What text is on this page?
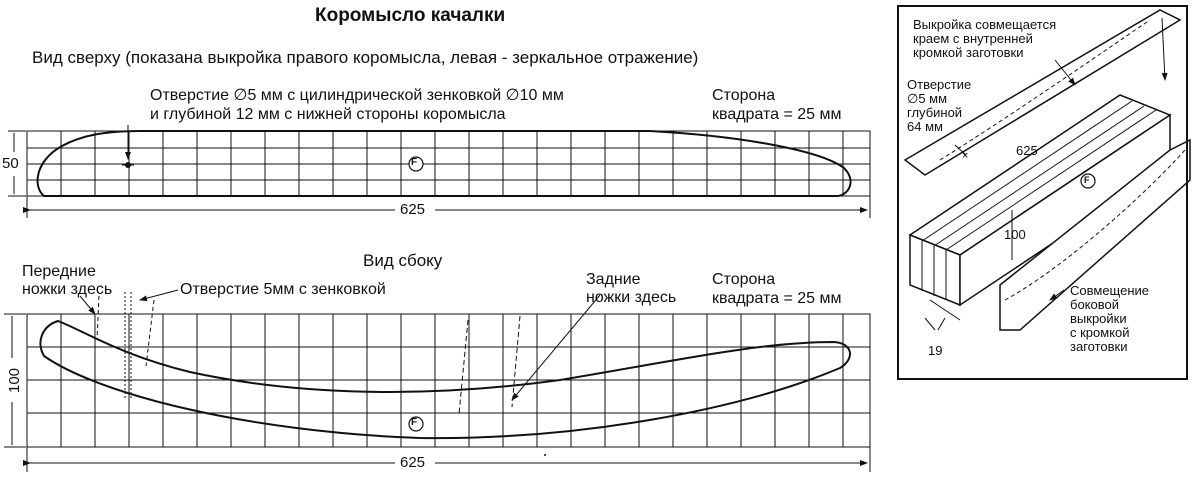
×
Коромысло качалки
Вид сверху (показана выкройка правого коромысла, левая - зеркальное отражение)
Отверстие ∅5 мм с цилиндрической зенковкой ∅10 мм
и глубиной 12 мм с нижней стороны коромысла
Сторона
квадрата = 25 мм
50
625
F
Вид сбоку
Передние
ножки здесь	Отверстие 5мм с зенковкой
Задние
ножки здесь
Сторона
квадрата = 25 мм
100
625
F
Выкройка совмещается
краем с внутренней
кромкой заготовки
Отверстие
∅5 мм
глубиной
64 мм
625
100
19
F
Совмещение
боковой
выкройки
с кромкой
заготовки
